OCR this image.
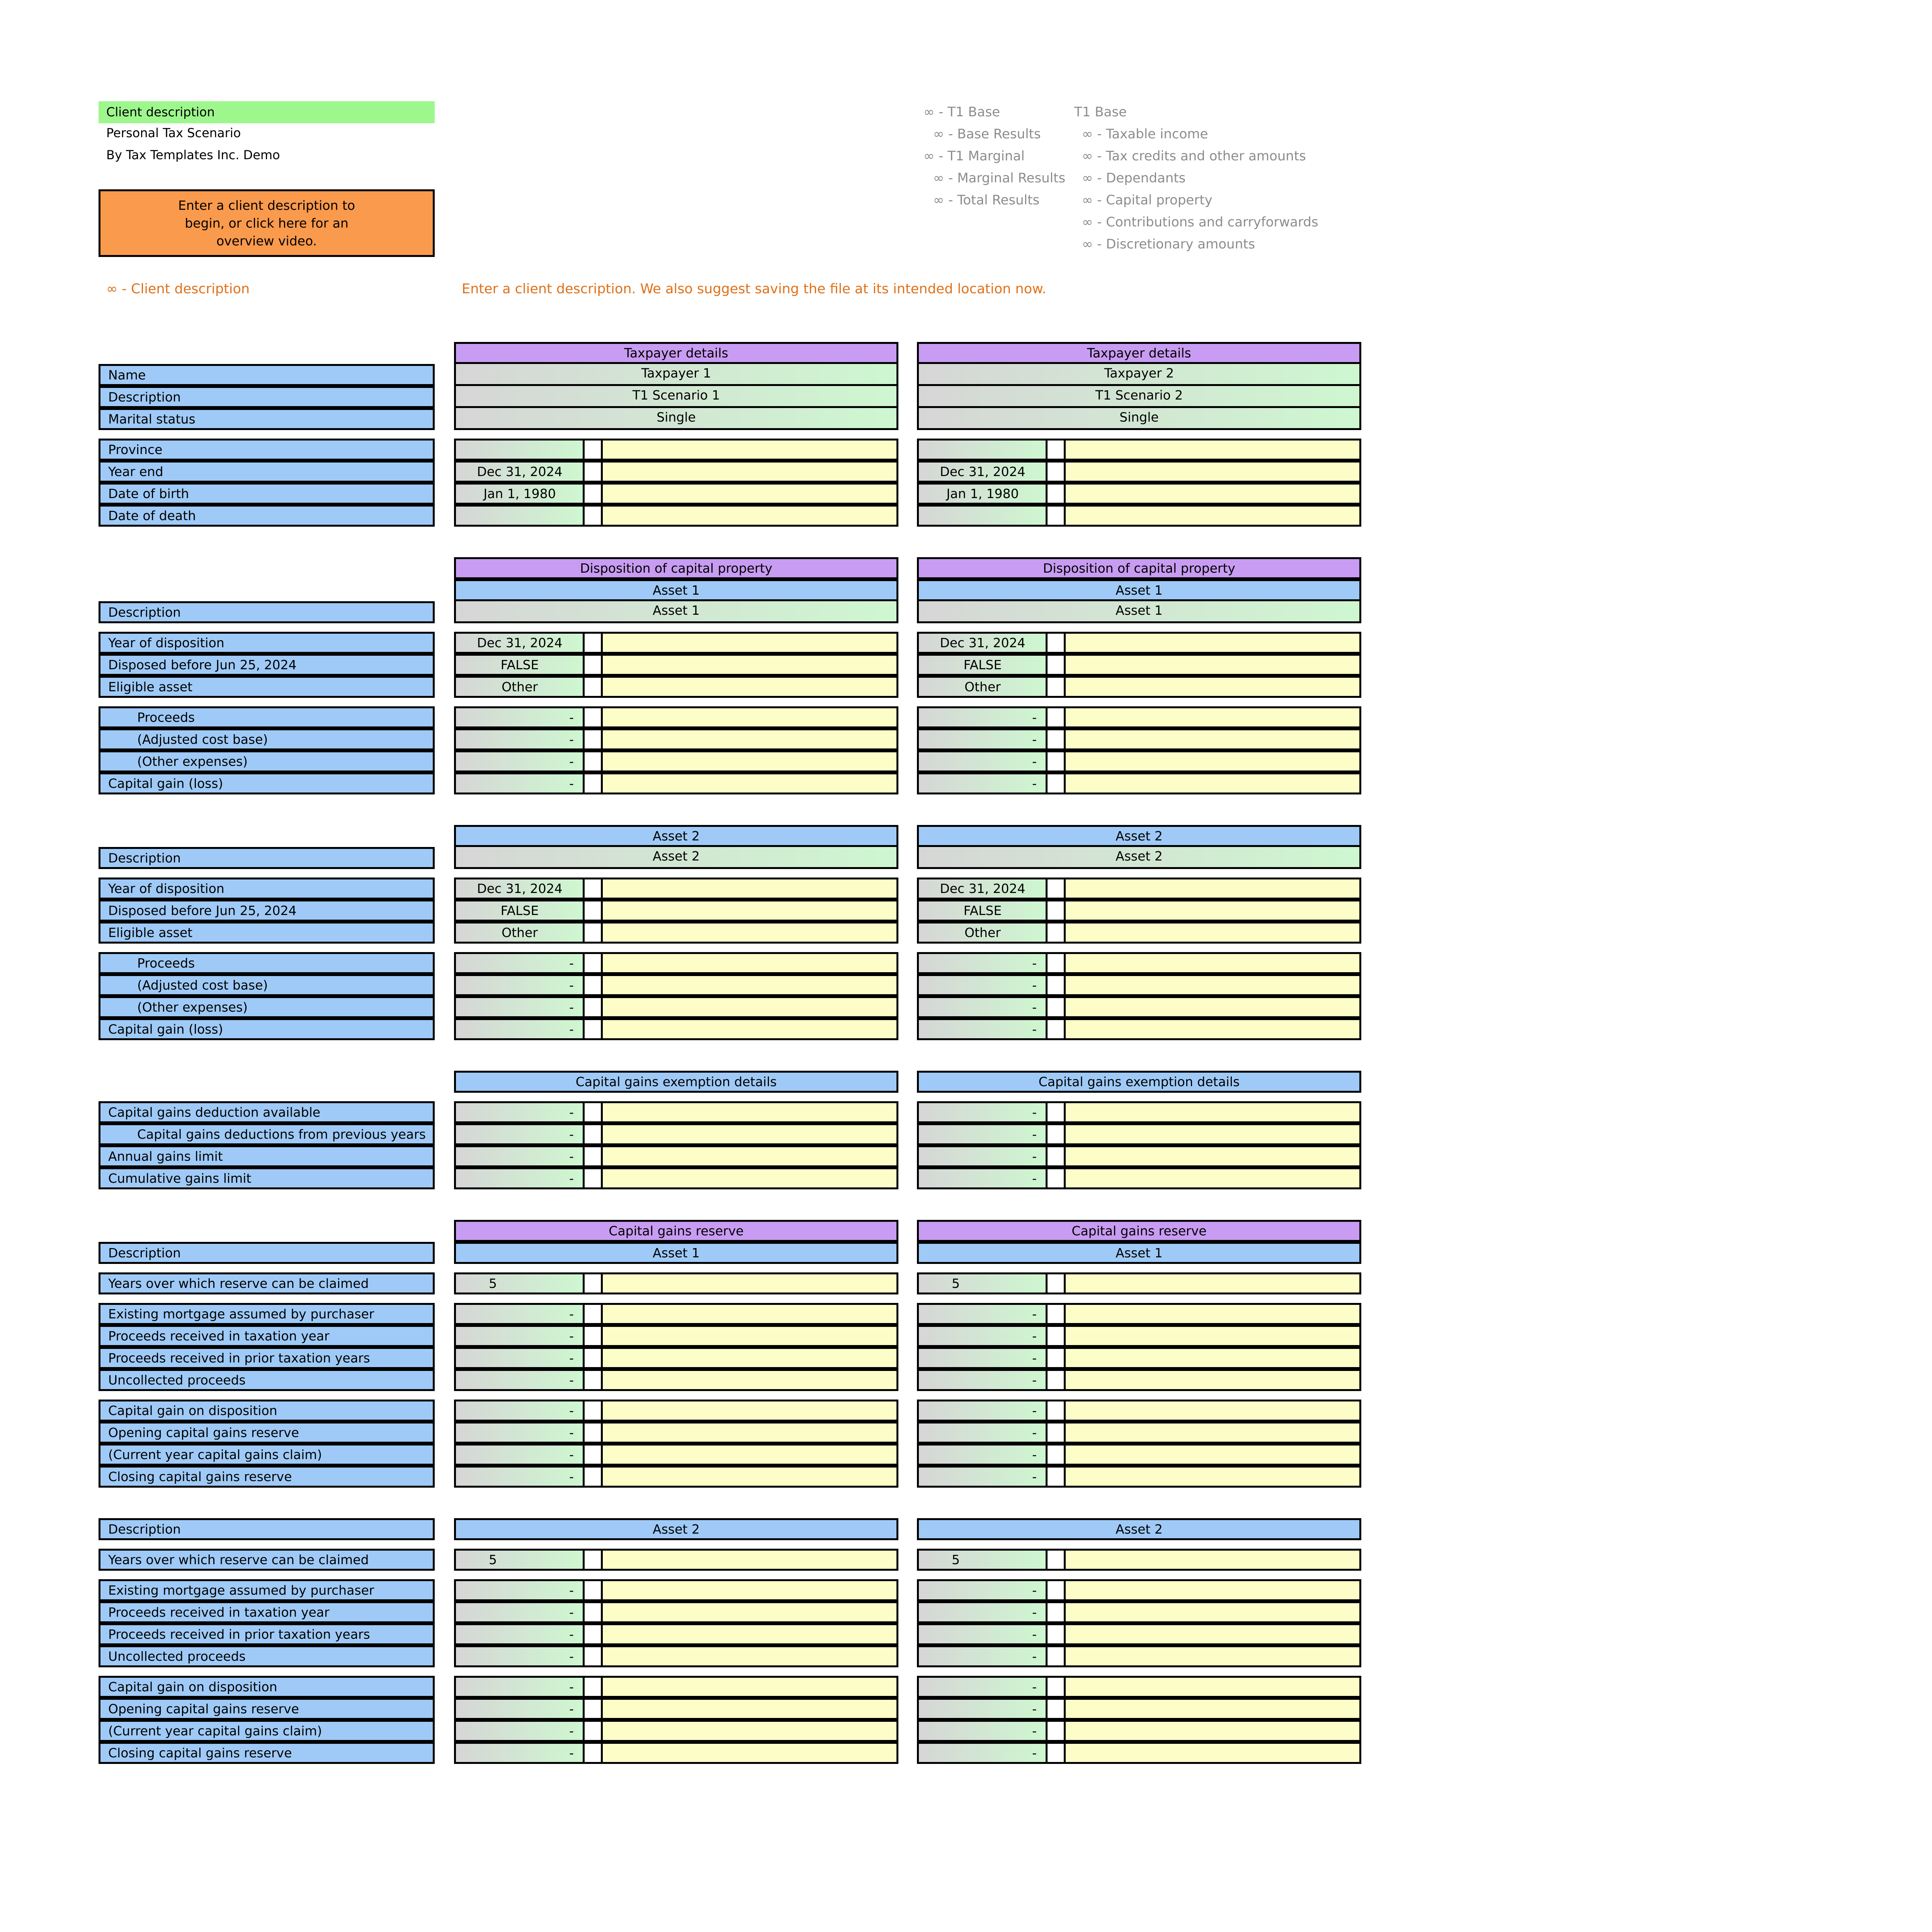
Client description
Personal Tax Scenario
By Tax Templates Inc. Demo
Enter a client description to begin, or click here for an overview video.
∞ - Client description	Enter a client description. We also suggest saving the file at its intended location now.
∞ - T1 Base
∞ - Base Results
∞ - T1 Marginal
∞ - Marginal Results
∞ - Total Results
T1 Base
∞ - Taxable income
∞ - Tax credits and other amounts
∞ - Dependants
∞ - Capital property
∞ - Contributions and carryforwards
∞ - Discretionary amounts
Taxpayer details	Taxpayer details
Name	Taxpayer 1	Taxpayer 2
Description	T1 Scenario 1	T1 Scenario 2
Marital status	Single	Single
Province
Year end	Dec 31, 2024	Dec 31, 2024
Date of birth	Jan 1, 1980	Jan 1, 1980
Date of death
Disposition of capital property	Disposition of capital property
Asset 1	Asset 1
Description	Asset 1	Asset 1
Year of disposition	Dec 31, 2024	Dec 31, 2024
Disposed before Jun 25, 2024	FALSE	FALSE
Eligible asset	Other	Other
Proceeds	-	-
(Adjusted cost base)	-	-
(Other expenses)	-	-
Capital gain (loss)	-	-
Asset 2	Asset 2
Description	Asset 2	Asset 2
Year of disposition	Dec 31, 2024	Dec 31, 2024
Disposed before Jun 25, 2024	FALSE	FALSE
Eligible asset	Other	Other
Proceeds	-	-
(Adjusted cost base)	-	-
(Other expenses)	-	-
Capital gain (loss)	-	-
Capital gains exemption details	Capital gains exemption details
Capital gains deduction available	-	-
Capital gains deductions from previous years	-	-
Annual gains limit	-	-
Cumulative gains limit	-	-
Capital gains reserve	Capital gains reserve
Description	Asset 1	Asset 1
Years over which reserve can be claimed	5	5
Existing mortgage assumed by purchaser	-	-
Proceeds received in taxation year	-	-
Proceeds received in prior taxation years	-	-
Uncollected proceeds	-	-
Capital gain on disposition	-	-
Opening capital gains reserve	-	-
(Current year capital gains claim)	-	-
Closing capital gains reserve	-	-
Description	Asset 2	Asset 2
Years over which reserve can be claimed	5	5
Existing mortgage assumed by purchaser	-	-
Proceeds received in taxation year	-	-
Proceeds received in prior taxation years	-	-
Uncollected proceeds	-	-
Capital gain on disposition	-	-
Opening capital gains reserve	-	-
(Current year capital gains claim)	-	-
Closing capital gains reserve	-	-
